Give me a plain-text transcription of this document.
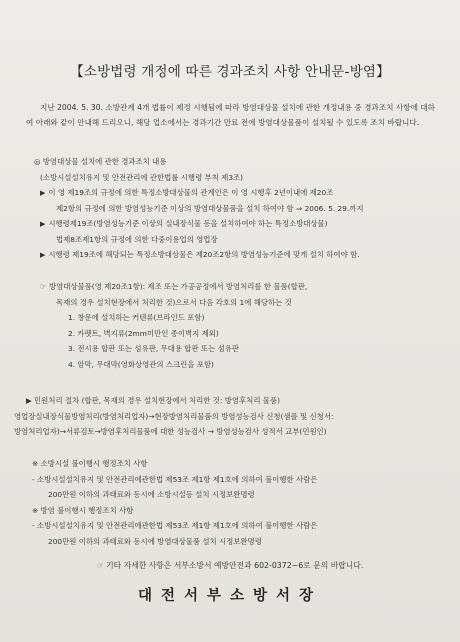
【소방법령 개정에 따른 경과조치 사항 안내문-방염】

지난 2004. 5. 30. 소방관계 4개 법률이 제정 시행됨에 따라 방염대상물 설치에 관한 개정내용 중 경과조치 사항에 대하여 아래와 같이 안내해 드리오니, 해당 업소에서는 경과기간 만료 전에 방염대상물품이 설치될 수 있도록 조치 바랍니다.

◎ 방염대상물 설치에 관한 경과조치 내용
(소방시설설치유지 및 안전관리에 관한법률 시행령 부칙 제3조)
▶ 이 영 제19조의 규정에 의한 특정소방대상물의 관계인은 이 영 시행후 2년이내에 제20조
제2항의 규정에 의한 방염성능기준 이상의 방염대상물품을 설치 하여야 함 ⇒ 2006. 5. 29.까지
▶ 시행령제19조(방염성능기준 이상의 실내장식물 등을 설치하여야 하는 특정소방대상물)
법제8조제1항의 규정에 의한 다중이용업의 영업장
▶ 시행령 제19조에 해당되는 특정소방대상물은 제20조2항의 방염성능기준에 맞게 설치 하여야 함.
☞ 방염대상물품(영 제20조1항): 제조 또는 가공공정에서 방염처리를 한 물품(합판,
목재의 경우 설치현장에서 처리한 것)으로서 다음 각호의 1에 해당하는 것
1. 창문에 설치하는 커텐류(브라인드 포함)
2. 카펫트, 벽지류(2mm미만인 종이벽지 제외)
3. 전시용 합판 또는 섬유판, 무대용 합판 또는 섬유판
4. 암막, 무대막(영화상영관의 스크린을 포함)
▶ 민원처리 절차 (합판, 목재의 경우 설치현장에서 처리한 것: 방염후처리 물품)
영업장실내장식물방염처리(방염처리업자)→현장방염처리물품의 방염성능검사 신청(샘플 및 신청서:
방염처리업자)→서류검토→방염후처리물품에 대한 성능검사 → 방염성능검사 성적서 교부(민원인)
※ 소방시설 불이행시 행정조치 사항
- 소방시설설치유지 및 안전관리에관한법 제53조 제1항 제1호에 의하여 불이행한 사람은
200만원 이하의 과태료와 동시에 소방시설등 설치 시정보완명령
※ 방염 불이행시 행정조치 사항
- 소방시설설치유지 및 안전관리에관한법 제53조 제1항 제1호에 의하여 불이행한 사람은
200만원 이하의 과태료와 동시에 방염대상물품 설치 시정보완명령
☞ 기타 자세한 사항은 서부소방서 예방안전과 602-0372~6로 문의 바랍니다.
대전서부소방서장
